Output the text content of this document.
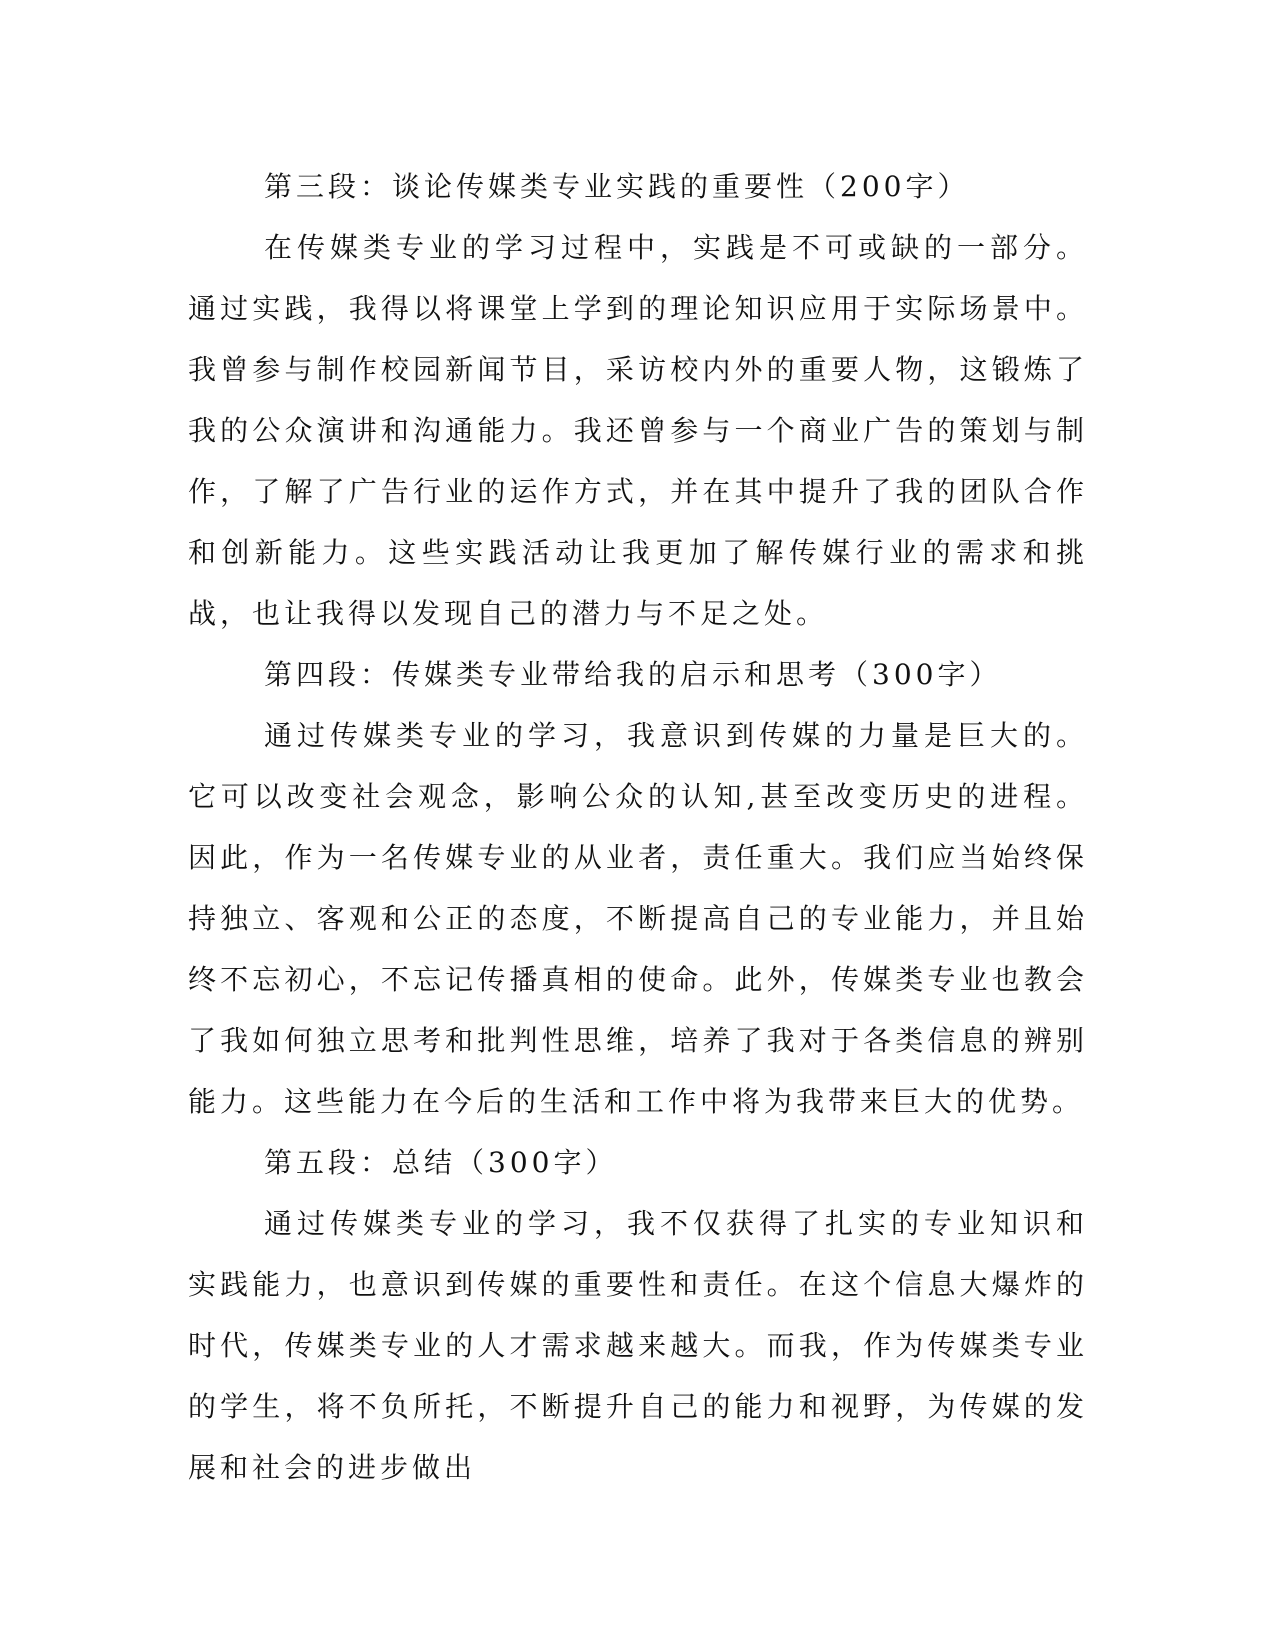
第三段：谈论传媒类专业实践的重要性（200字）

在传媒类专业的学习过程中，实践是不可或缺的一部分。通过实践，我得以将课堂上学到的理论知识应用于实际场景中。我曾参与制作校园新闻节目，采访校内外的重要人物，这锻炼了我的公众演讲和沟通能力。我还曾参与一个商业广告的策划与制作，了解了广告行业的运作方式，并在其中提升了我的团队合作和创新能力。这些实践活动让我更加了解传媒行业的需求和挑战，也让我得以发现自己的潜力与不足之处。

第四段：传媒类专业带给我的启示和思考（300字）

通过传媒类专业的学习，我意识到传媒的力量是巨大的。它可以改变社会观念，影响公众的认知,甚至改变历史的进程。因此，作为一名传媒专业的从业者，责任重大。我们应当始终保持独立、客观和公正的态度，不断提高自己的专业能力，并且始终不忘初心，不忘记传播真相的使命。此外，传媒类专业也教会了我如何独立思考和批判性思维，培养了我对于各类信息的辨别能力。这些能力在今后的生活和工作中将为我带来巨大的优势。

第五段：总结（300字）

通过传媒类专业的学习，我不仅获得了扎实的专业知识和实践能力，也意识到传媒的重要性和责任。在这个信息大爆炸的时代，传媒类专业的人才需求越来越大。而我，作为传媒类专业的学生，将不负所托，不断提升自己的能力和视野，为传媒的发展和社会的进步做出
